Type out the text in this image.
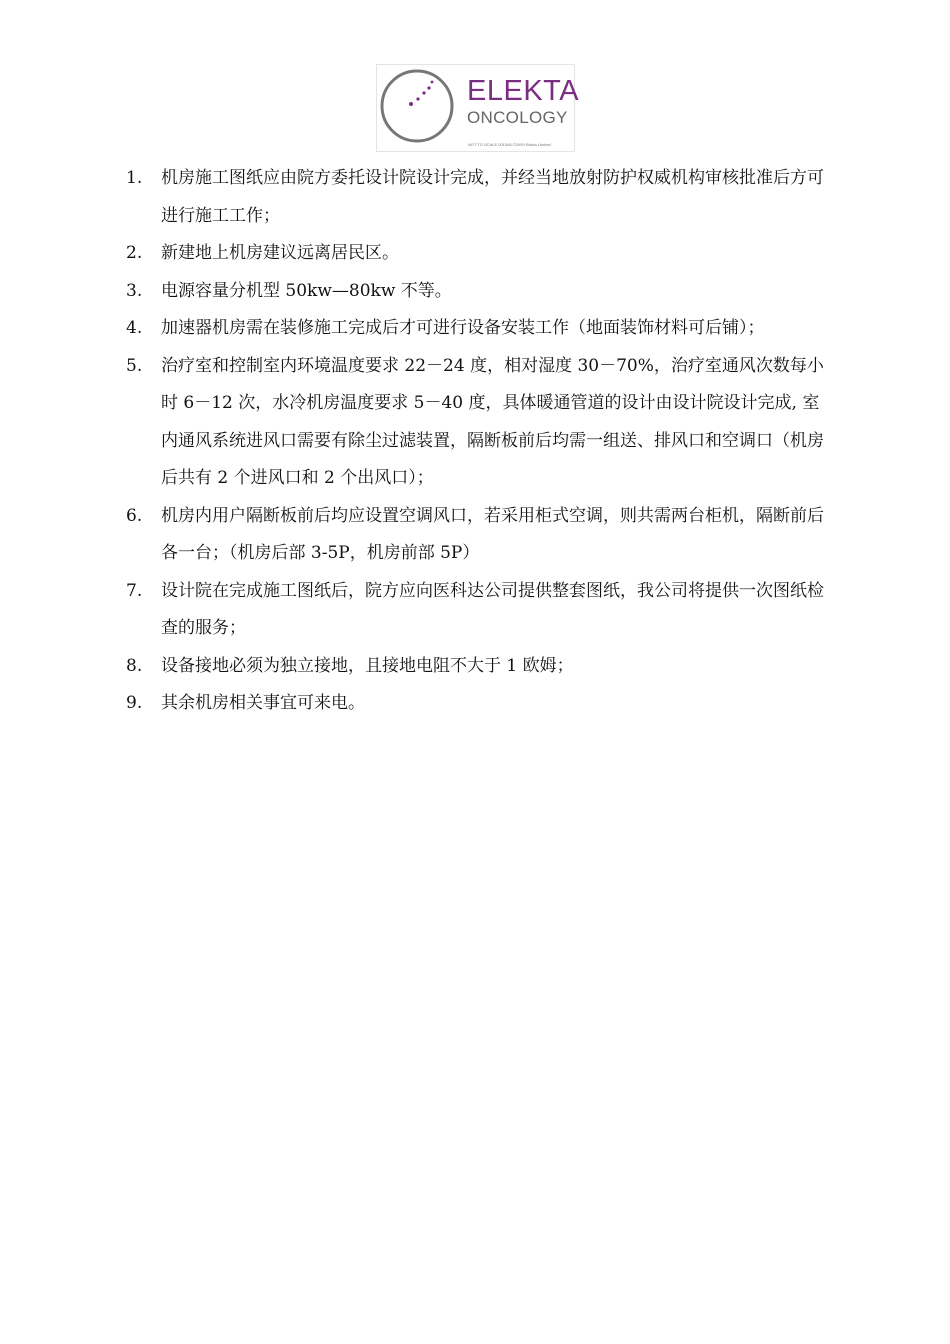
ELEKTA
ONCOLOGY
NOT TO SCALE 001548 ©2009 Elekta Limited
1. 机房施工图纸应由院方委托设计院设计完成，并经当地放射防护权威机构审核批准后方可进行施工工作；
2. 新建地上机房建议远离居民区。
3. 电源容量分机型 50kw—80kw 不等。
4. 加速器机房需在装修施工完成后才可进行设备安装工作（地面装饰材料可后铺）；
5. 治疗室和控制室内环境温度要求 22－24 度，相对湿度 30－70%，治疗室通风次数每小时 6－12 次，水冷机房温度要求 5－40 度，具体暖通管道的设计由设计院设计完成, 室内通风系统进风口需要有除尘过滤装置，隔断板前后均需一组送、排风口和空调口（机房后共有 2 个进风口和 2 个出风口）；
6. 机房内用户隔断板前后均应设置空调风口，若采用柜式空调，则共需两台柜机，隔断前后各一台；（机房后部 3-5P，机房前部 5P）
7. 设计院在完成施工图纸后，院方应向医科达公司提供整套图纸，我公司将提供一次图纸检查的服务；
8. 设备接地必须为独立接地，且接地电阻不大于 1 欧姆；
9. 其余机房相关事宜可来电。
